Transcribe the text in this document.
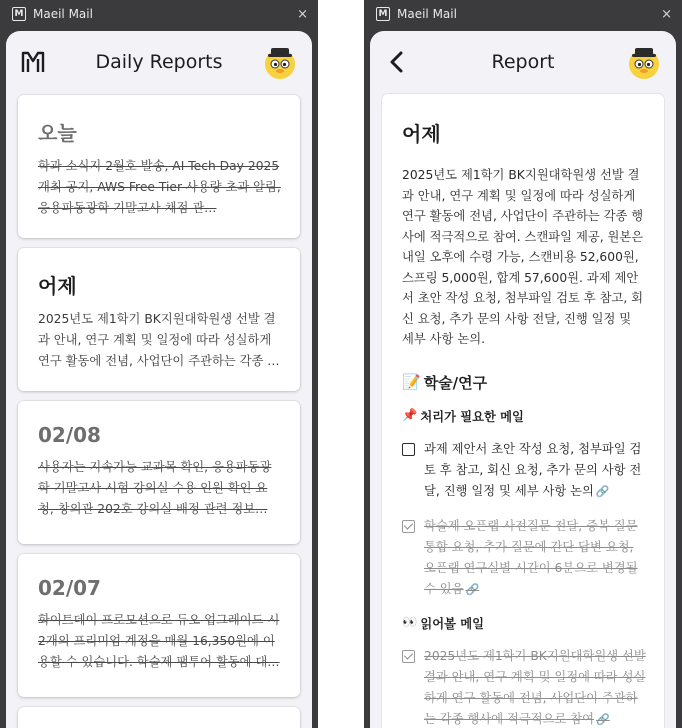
M Maeil Mail	×
Daily Reports
오늘
학과 소식지 2월호 발송, AI Tech Day 2025 개최 공지, AWS Free Tier 사용량 초과 알림, 응용파동광학 기말고사 채점 관…
어제
2025년도 제1학기 BK지원대학원생 선발 결과 안내, 연구 계획 및 일정에 따라 성실하게 연구 활동에 전념, 사업단이 주관하는 각종 …
02/08
사용자는 지속가능 교과목 확인, 응용파동광학 기말고사 시험 강의실 수용 인원 확인 요청, 창의관 202호 강의실 배정 관련 정보…
02/07
화이트데이 프로모션으로 듀오 업그레이드 시 2개의 프리미엄 계정을 매월 16,350원에 이용할 수 있습니다. 학술제 팸투어 활동에 대…
M Maeil Mail	×
Report
어제
2025년도 제1학기 BK지원대학원생 선발 결과 안내, 연구 계획 및 일정에 따라 성실하게 연구 활동에 전념, 사업단이 주관하는 각종 행사에 적극적으로 참여. 스캔파일 제공, 원본은 내일 오후에 수령 가능, 스캔비용 52,600원, 스프링 5,000원, 합계 57,600원. 과제 제안서 초안 작성 요청, 첨부파일 검토 후 참고, 회신 요청, 추가 문의 사항 전달, 진행 일정 및 세부 사항 논의.
📝 학술/연구
📌 처리가 필요한 메일
과제 제안서 초안 작성 요청, 첨부파일 검토 후 참고, 회신 요청, 추가 문의 사항 전달, 진행 일정 및 세부 사항 논의 🔗
학술제 오픈랩 사전질문 전달, 중복 질문 통합 요청, 추가 질문에 간단 답변 요청, 오픈랩 연구실별 시간이 6분으로 변경될 수 있음 🔗
👀 읽어볼 메일
2025년도 제1학기 BK지원대학원생 선발 결과 안내, 연구 계획 및 일정에 따라 성실하게 연구 활동에 전념, 사업단이 주관하는 각종 행사에 적극적으로 참여 🔗
